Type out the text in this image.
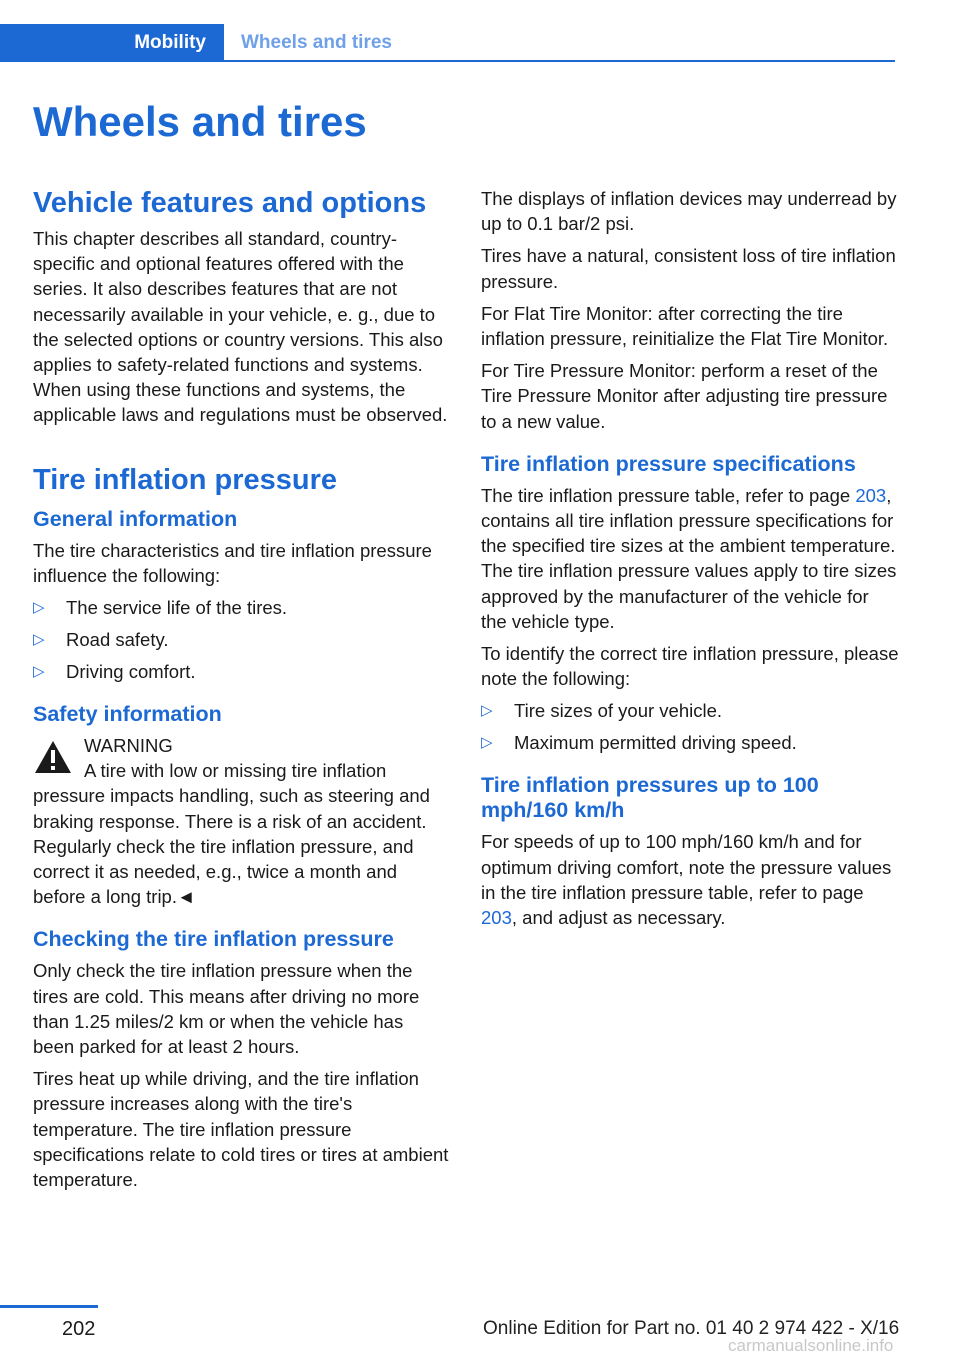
Mobility Wheels and tires
Wheels and tires
Vehicle features and options

This chapter describes all standard, country-specific and optional features offered with the series. It also describes features that are not necessarily available in your vehicle, e. g., due to the selected options or country versions. This also applies to safety-related functions and systems. When using these functions and systems, the applicable laws and regulations must be observed.

Tire inflation pressure
General information

The tire characteristics and tire inflation pressure influence the following:

▷	The service life of the tires.
▷	Road safety.
▷	Driving comfort.
Safety information
WARNING

A tire with low or missing tire inflation
pressure impacts handling, such as steering and braking response. There is a risk of an accident. Regularly check the tire inflation pressure, and correct it as needed, e.g., twice a month and before a long trip.◄

Checking the tire inflation pressure

Only check the tire inflation pressure when the tires are cold. This means after driving no more than 1.25 miles/2 km or when the vehicle has been parked for at least 2 hours.

Tires heat up while driving, and the tire inflation pressure increases along with the tire's temperature. The tire inflation pressure specifications relate to cold tires or tires at ambient temperature.

The displays of inflation devices may underread by up to 0.1 bar/2 psi.

Tires have a natural, consistent loss of tire inflation pressure.

For Flat Tire Monitor: after correcting the tire inflation pressure, reinitialize the Flat Tire Monitor.

For Tire Pressure Monitor: perform a reset of the Tire Pressure Monitor after adjusting tire pressure to a new value.

Tire inflation pressure specifications

The tire inflation pressure table, refer to page 203, contains all tire inflation pressure specifications for the specified tire sizes at the ambient temperature. The tire inflation pressure values apply to tire sizes approved by the manufacturer of the vehicle for the vehicle type.

To identify the correct tire inflation pressure, please note the following:

▷	Tire sizes of your vehicle.
▷	Maximum permitted driving speed.
Tire inflation pressures up to 100 mph/160 km/h

For speeds of up to 100 mph/160 km/h and for optimum driving comfort, note the pressure values in the tire inflation pressure table, refer to page 203, and adjust as necessary.

202	Online Edition for Part no. 01 40 2 974 422 - X/16
carmanualsonline.info
